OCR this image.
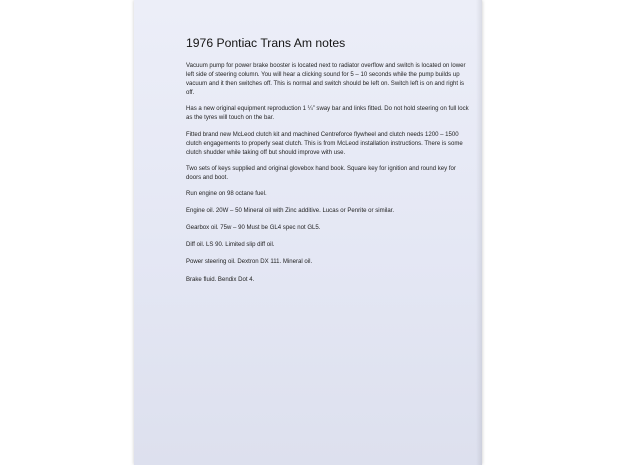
1976 Pontiac Trans Am notes

Vacuum pump for power brake booster is located next to radiator overflow and switch is located on lower left side of steering column. You will hear a clicking sound for 5 – 10 seconds while the pump builds up vacuum and it then switches off. This is normal and switch should be left on. Switch left is on and right is off.

Has a new original equipment reproduction 1 ¼” sway bar and links fitted. Do not hold steering on full lock as the tyres will touch on the bar.

Fitted brand new McLeod clutch kit and machined Centreforce flywheel and clutch needs 1200 – 1500 clutch engagements to properly seat clutch. This is from McLeod installation instructions. There is some clutch shudder while taking off but should improve with use.

Two sets of keys supplied and original glovebox hand book. Square key for ignition and round key for doors and boot.

Run engine on 98 octane fuel.

Engine oil. 20W – 50 Mineral oil with Zinc additive. Lucas or Penrite or similar.

Gearbox oil. 75w – 90 Must be GL4 spec not GL5.

Diff oil. LS 90. Limited slip diff oil.

Power steering oil. Dextron DX 111. Mineral oil.

Brake fluid. Bendix Dot 4.
